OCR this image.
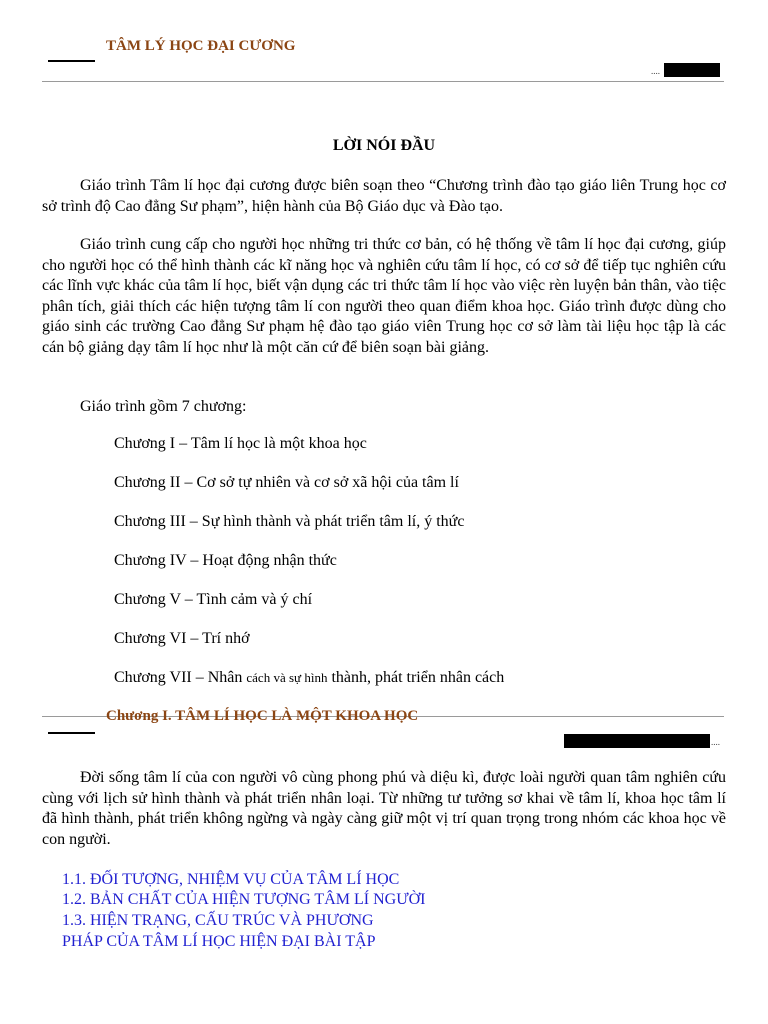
TÂM LÝ HỌC ĐẠI CƯƠNG
....
LỜI NÓI ĐẦU
Giáo trình Tâm lí học đại cương được biên soạn theo “Chương trình đào tạo giáo liên Trung học cơ sở trình độ Cao đẳng Sư phạm”, hiện hành của Bộ Giáo dục và Đào tạo.
Giáo trình cung cấp cho người học những tri thức cơ bản, có hệ thống về tâm lí học đại cương, giúp cho người học có thể hình thành các kĩ năng học và nghiên cứu tâm lí học, có cơ sở để tiếp tục nghiên cứu các lĩnh vực khác của tâm lí học, biết vận dụng các tri thức tâm lí học vào việc rèn luyện bản thân, vào tiệc phân tích, giải thích các hiện tượng tâm lí con người theo quan điểm khoa học. Giáo trình được dùng cho giáo sinh các trường Cao đẳng Sư phạm hệ đào tạo giáo viên Trung học cơ sở làm tài liệu học tập là các cán bộ giảng dạy tâm lí học như là một căn cứ để biên soạn bài giảng.
Giáo trình gồm 7 chương:
Chương I – Tâm lí học là một khoa học
Chương II – Cơ sở tự nhiên và cơ sở xã hội của tâm lí
Chương III – Sự hình thành và phát triển tâm lí, ý thức
Chương IV – Hoạt động nhận thức
Chương V – Tình cảm và ý chí
Chương VI – Trí nhớ
Chương VII – Nhân cách và sự hình thành, phát triển nhân cách
Chương I. TÂM LÍ HỌC LÀ MỘT KHOA HỌC
....
Đời sống tâm lí của con người vô cùng phong phú và diệu kì, được loài người quan tâm nghiên cứu cùng với lịch sử hình thành và phát triển nhân loại. Từ những tư tưởng sơ khai về tâm lí, khoa học tâm lí đã hình thành, phát triển không ngừng và ngày càng giữ một vị trí quan trọng trong nhóm các khoa học về con người.
1.1. ĐỐI TƯỢNG, NHIỆM VỤ CỦA TÂM LÍ HỌC
1.2. BẢN CHẤT CỦA HIỆN TƯỢNG TÂM LÍ NGƯỜI
1.3. HIỆN TRẠNG, CẤU TRÚC VÀ PHƯƠNG
PHÁP CỦA TÂM LÍ HỌC HIỆN ĐẠI BÀI TẬP
